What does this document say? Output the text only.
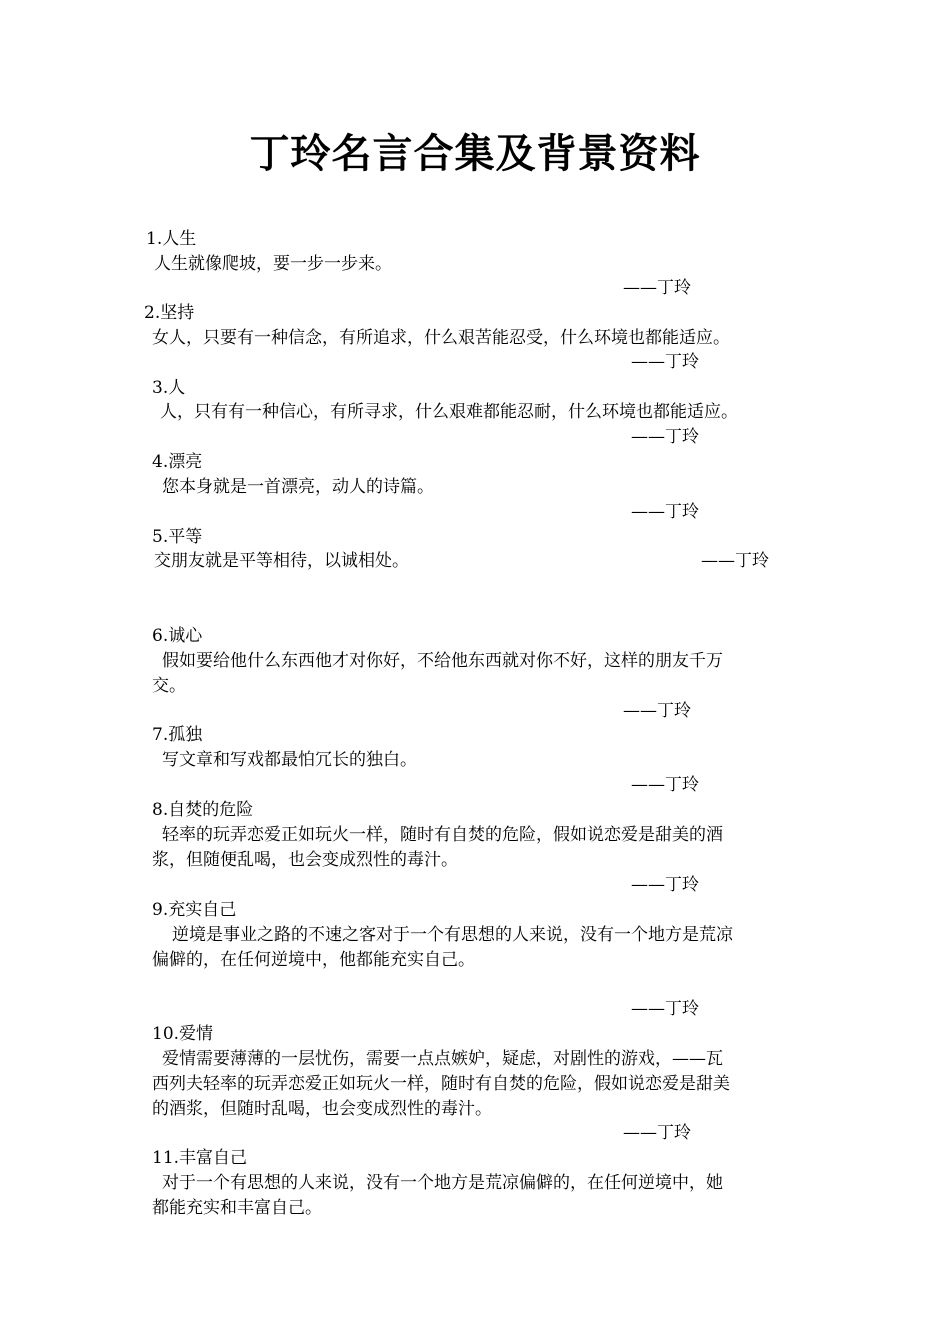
丁玲名言合集及背景资料
1.人生
人生就像爬坡，要一步一步来。
——丁玲
2.坚持
女人，只要有一种信念，有所追求，什么艰苦能忍受，什么环境也都能适应。
——丁玲
3.人
人，只有有一种信心，有所寻求，什么艰难都能忍耐，什么环境也都能适应。
——丁玲
4.漂亮
您本身就是一首漂亮，动人的诗篇。
——丁玲
5.平等
交朋友就是平等相待，以诚相处。	——丁玲
6.诚心
假如要给他什么东西他才对你好，不给他东西就对你不好，这样的朋友千万
交。
——丁玲
7.孤独
写文章和写戏都最怕冗长的独白。
——丁玲
8.自焚的危险
轻率的玩弄恋爱正如玩火一样，随时有自焚的危险，假如说恋爱是甜美的酒
浆，但随便乱喝，也会变成烈性的毒汁。
——丁玲
9.充实自己
逆境是事业之路的不速之客对于一个有思想的人来说，没有一个地方是荒凉
偏僻的，在任何逆境中，他都能充实自己。
——丁玲
10.爱情
爱情需要薄薄的一层忧伤，需要一点点嫉妒，疑虑，对剧性的游戏，——瓦
西列夫轻率的玩弄恋爱正如玩火一样，随时有自焚的危险，假如说恋爱是甜美
的酒浆，但随时乱喝，也会变成烈性的毒汁。
——丁玲
11.丰富自己
对于一个有思想的人来说，没有一个地方是荒凉偏僻的，在任何逆境中，她
都能充实和丰富自己。
